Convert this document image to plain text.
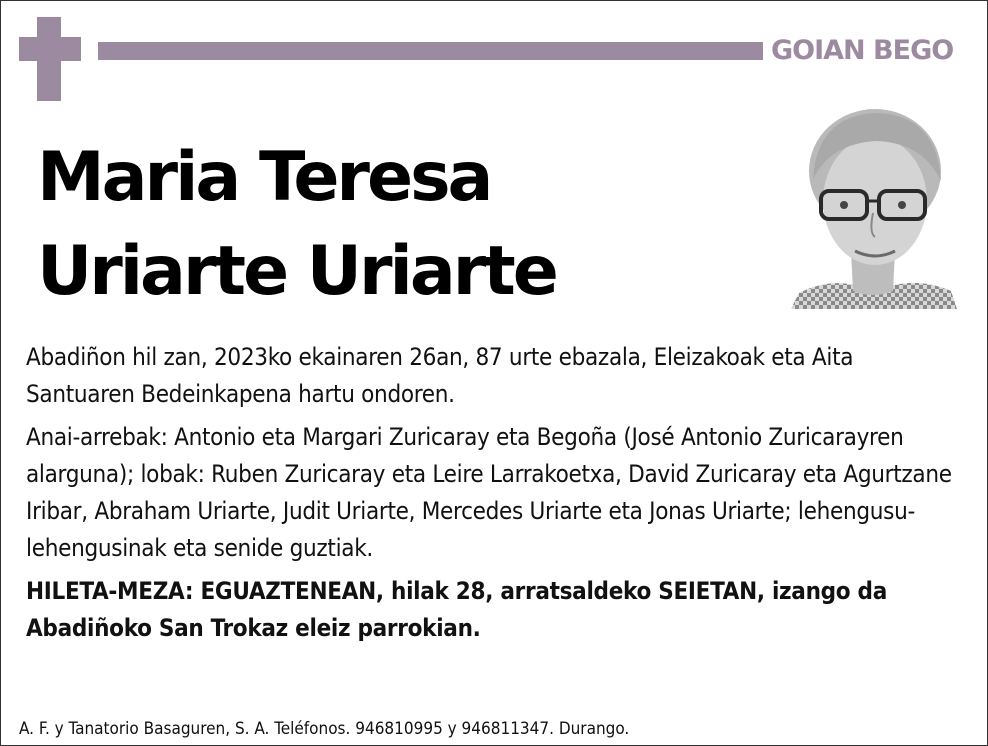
GOIAN BEGO
Maria Teresa
Uriarte Uriarte

Abadiñon hil zan, 2023ko ekainaren 26an, 87 urte ebazala, Eleizakoak eta Aita Santuaren Bedeinkapena hartu ondoren.

Anai-arrebak: Antonio eta Margari Zuricaray eta Begoña (José Antonio Zuricarayren alarguna); lobak: Ruben Zuricaray eta Leire Larrakoetxa, David Zuricaray eta Agurtzane Iribar, Abraham Uriarte, Judit Uriarte, Mercedes Uriarte eta Jonas Uriarte; lehengusu-lehengusinak eta senide guztiak.

HILETA-MEZA: EGUAZTENEAN, hilak 28, arratsaldeko SEIETAN, izango da Abadiñoko San Trokaz eleiz parrokian.

A. F. y Tanatorio Basaguren, S. A. Teléfonos. 946810995 y 946811347. Durango.
